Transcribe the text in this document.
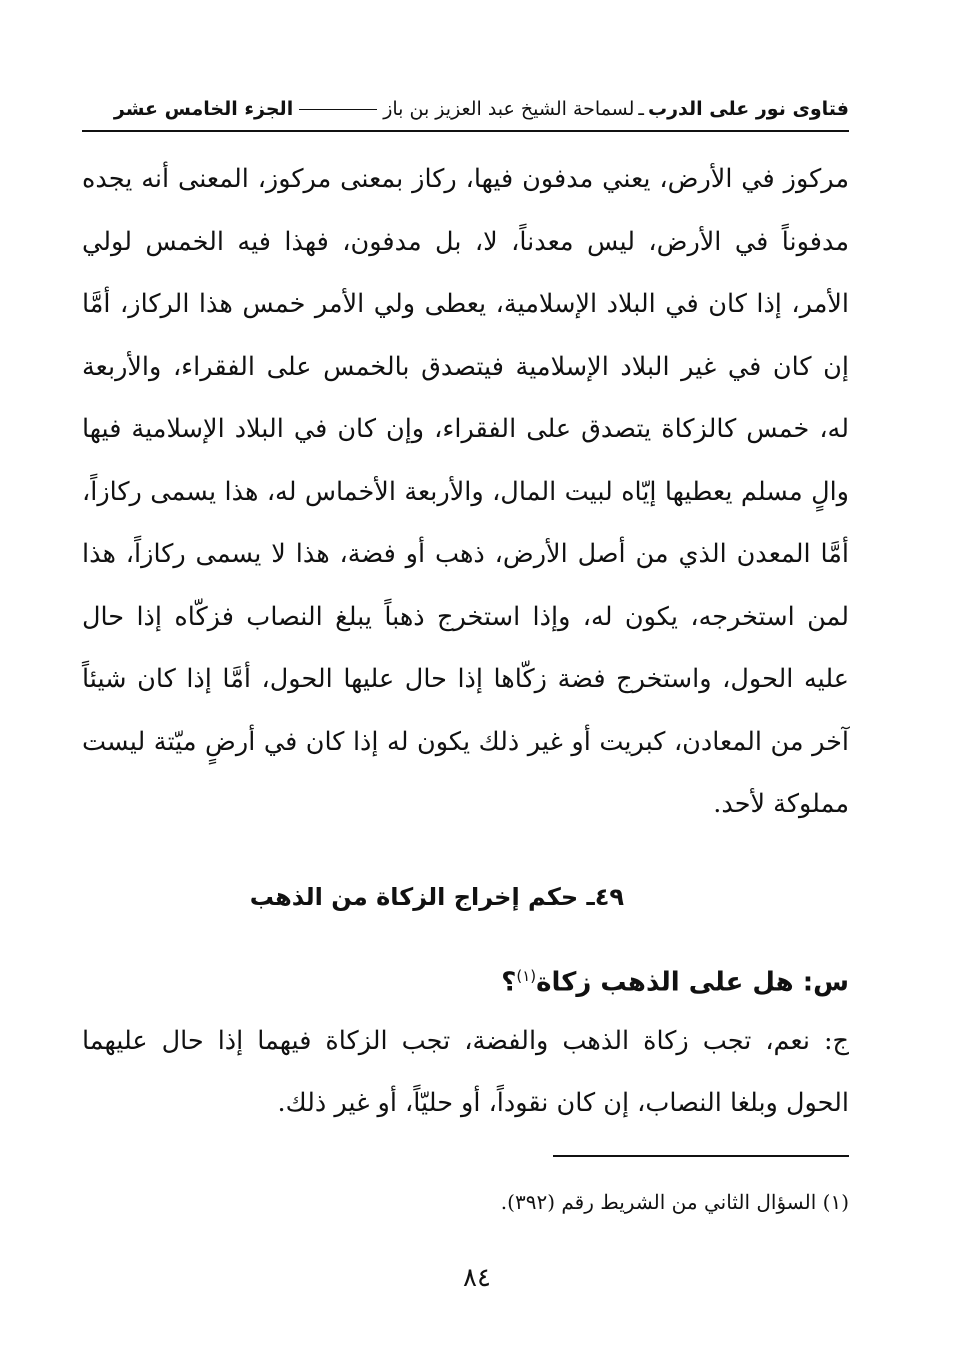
فتاوى نور على الدرب
ـ
لسماحة الشيخ عبد العزيز بن باز
الجزء الخامس عشر

مركوز في الأرض، يعني مدفون فيها، ركاز بمعنى مركوز، المعنى أنه يجده مدفوناً في الأرض، ليس معدناً، لا، بل مدفون، فهذا فيه الخمس لولي الأمر، إذا كان في البلاد الإسلامية، يعطى ولي الأمر خمس هذا الركاز، أمَّا إن كان في غير البلاد الإسلامية فيتصدق بالخمس على الفقراء، والأربعة له، خمس كالزكاة يتصدق على الفقراء، وإن كان في البلاد الإسلامية فيها والٍ مسلم يعطيها إيّاه لبيت المال، والأربعة الأخماس له، هذا يسمى ركازاً، أمَّا المعدن الذي من أصل الأرض، ذهب أو فضة، هذا لا يسمى ركازاً، هذا لمن استخرجه، يكون له، وإذا استخرج ذهباً يبلغ النصاب فزكّاه إذا حال عليه الحول، واستخرج فضة زكّاها إذا حال عليها الحول، أمَّا إذا كان شيئاً آخر من المعادن، كبريت أو غير ذلك يكون له إذا كان في أرضٍ ميّتة ليست مملوكة لأحد.

٤٩ـ حكم إخراج الزكاة من الذهب
س: هل على الذهب زكاة$^{(١)}$؟
ج: نعم، تجب زكاة الذهب والفضة، تجب الزكاة فيهما إذا حال عليهما الحول وبلغا النصاب، إن كان نقوداً، أو حليّاً، أو غير ذلك.
(١) السؤال الثاني من الشريط رقم (٣٩٢).
٨٤
